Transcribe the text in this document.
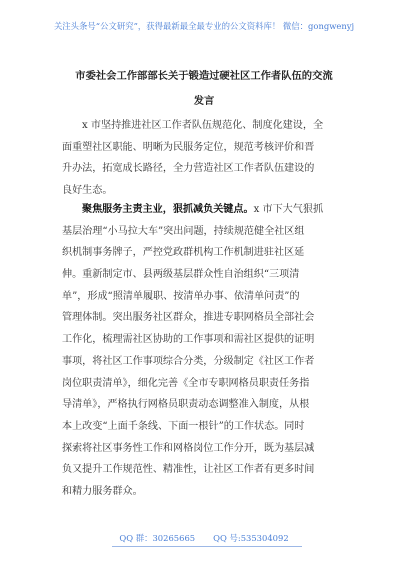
关注头条号“公文研究”，获得最新最全最专业的公文资料库！ 微信：gongwenyj
市委社会工作部部长关于锻造过硬社区工作者队伍的交流
发言
x 市坚持推进社区工作者队伍规范化、制度化建设，全
面重塑社区职能、明晰为民服务定位，规范考核评价和晋
升办法，拓宽成长路径，全力营造社区工作者队伍建设的
良好生态。
聚焦服务主责主业，狠抓减负关键点。x 市下大气狠抓
基层治理“小马拉大车”突出问题，持续规范健全社区组
织机制事务牌子，严控党政群机构工作机制进驻社区延
伸。重新制定市、县两级基层群众性自治组织“三项清
单”，形成“照清单履职、按清单办事、依清单问责”的
管理体制。突出服务社区群众，推进专职网格员全部社会
工作化，梳理需社区协助的工作事项和需社区提供的证明
事项，将社区工作事项综合分类，分级制定《社区工作者
岗位职责清单》，细化完善《全市专职网格员职责任务指
导清单》，严格执行网格员职责动态调整准入制度，从根
本上改变“上面千条线、下面一根针”的工作状态。同时
探索将社区事务性工作和网格岗位工作分开，既为基层减
负又提升工作规范性、精准性，让社区工作者有更多时间
和精力服务群众。
QQ 群：30265665 QQ 号:535304092
